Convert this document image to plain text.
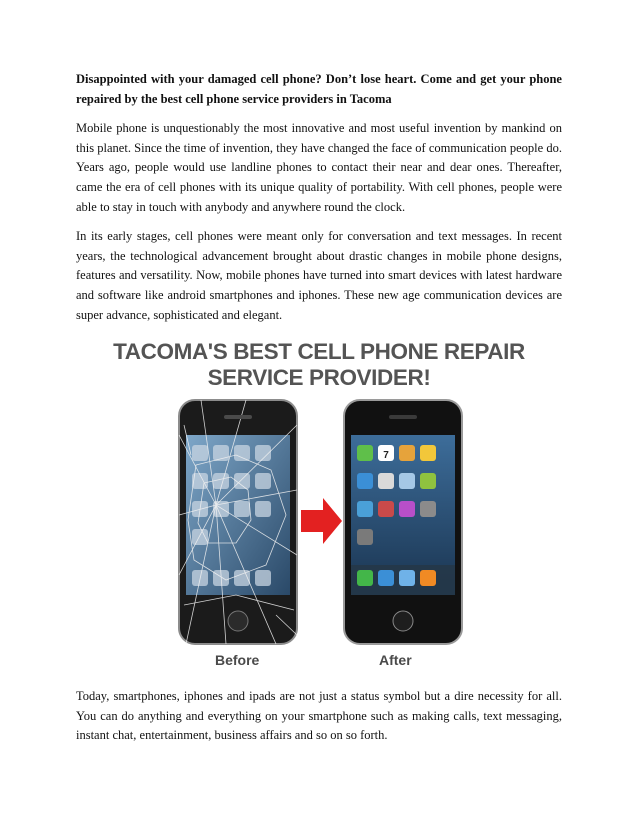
Disappointed with your damaged cell phone? Don’t lose heart. Come and get your phone repaired by the best cell phone service providers in Tacoma

Mobile phone is unquestionably the most innovative and most useful invention by mankind on this planet. Since the time of invention, they have changed the face of communication people do. Years ago, people would use landline phones to contact their near and dear ones. Thereafter, came the era of cell phones with its unique quality of portability. With cell phones, people were able to stay in touch with anybody and anywhere round the clock.

In its early stages, cell phones were meant only for conversation and text messages. In recent years, the technological advancement brought about drastic changes in mobile phone designs, features and versatility. Now, mobile phones have turned into smart devices with latest hardware and software like android smartphones and iphones. These new age communication devices are super advance, sophisticated and elegant.

TACOMA'S BEST CELL PHONE REPAIR
SERVICE PROVIDER!
7
Before	After

Today, smartphones, iphones and ipads are not just a status symbol but a dire necessity for all. You can do anything and everything on your smartphone such as making calls, text messaging, instant chat, entertainment, business affairs and so on so forth.
